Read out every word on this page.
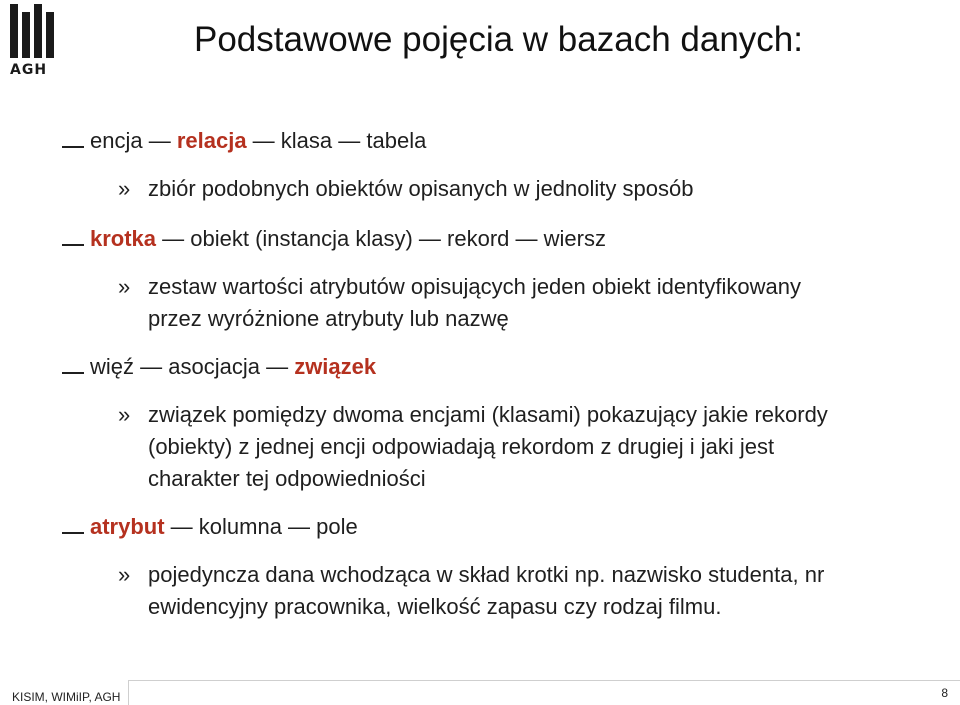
AGH
Podstawowe pojęcia w bazach danych:
encja — relacja — klasa — tabela
» zbiór podobnych obiektów opisanych w jednolity sposób
krotka — obiekt (instancja klasy) — rekord — wiersz
» zestaw wartości atrybutów opisujących jeden obiekt identyfikowany
przez wyróżnione atrybuty lub nazwę
więź — asocjacja — związek
» związek pomiędzy dwoma encjami (klasami) pokazujący jakie rekordy
(obiekty) z jednej encji odpowiadają rekordom z drugiej i jaki jest
charakter tej odpowiedniości
atrybut — kolumna — pole
» pojedyncza dana wchodząca w skład krotki np. nazwisko studenta, nr
ewidencyjny pracownika, wielkość zapasu czy rodzaj filmu.
KISIM, WIMiIP, AGH	8
